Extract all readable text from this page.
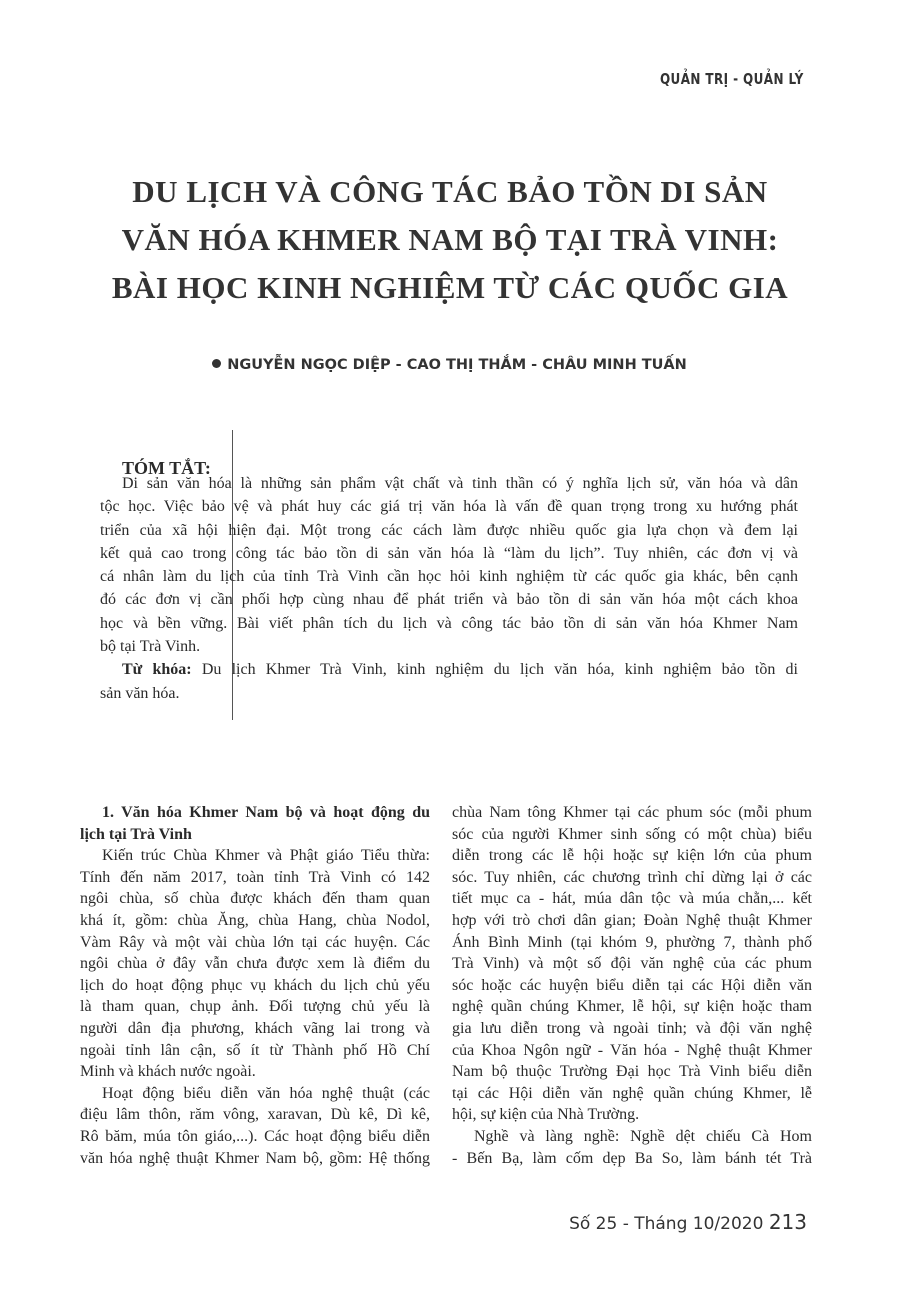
QUẢN TRỊ - QUẢN LÝ
DU LỊCH VÀ CÔNG TÁC BẢO TỒN DI SẢN
VĂN HÓA KHMER NAM BỘ TẠI TRÀ VINH:
BÀI HỌC KINH NGHIỆM TỪ CÁC QUỐC GIA
NGUYỄN NGỌC DIỆP - CAO THỊ THẮM - CHÂU MINH TUẤN
TÓM TẮT:
Di sản văn hóa là những sản phẩm vật chất và tinh thần có ý nghĩa lịch sử, văn hóa và dân
tộc học. Việc bảo vệ và phát huy các giá trị văn hóa là vấn đề quan trọng trong xu hướng phát
triển của xã hội hiện đại. Một trong các cách làm được nhiều quốc gia lựa chọn và đem lại
kết quả cao trong công tác bảo tồn di sản văn hóa là “làm du lịch”. Tuy nhiên, các đơn vị và
cá nhân làm du lịch của tỉnh Trà Vinh cần học hỏi kinh nghiệm từ các quốc gia khác, bên cạnh
đó các đơn vị cần phối hợp cùng nhau để phát triển và bảo tồn di sản văn hóa một cách khoa
học và bền vững. Bài viết phân tích du lịch và công tác bảo tồn di sản văn hóa Khmer Nam
bộ tại Trà Vinh.
Từ khóa: Du lịch Khmer Trà Vinh, kinh nghiệm du lịch văn hóa, kinh nghiệm bảo tồn di
sản văn hóa.
1. Văn hóa Khmer Nam bộ và hoạt động du
lịch tại Trà Vinh
Kiến trúc Chùa Khmer và Phật giáo Tiểu thừa:
Tính đến năm 2017, toàn tỉnh Trà Vinh có 142
ngôi chùa, số chùa được khách đến tham quan
khá ít, gồm: chùa Ăng, chùa Hang, chùa Nodol,
Vàm Rây và một vài chùa lớn tại các huyện. Các
ngôi chùa ở đây vẫn chưa được xem là điểm du
lịch do hoạt động phục vụ khách du lịch chủ yếu
là tham quan, chụp ảnh. Đối tượng chủ yếu là
người dân địa phương, khách vãng lai trong và
ngoài tỉnh lân cận, số ít từ Thành phố Hồ Chí
Minh và khách nước ngoài.
Hoạt động biểu diễn văn hóa nghệ thuật (các
điệu lâm thôn, răm vông, xaravan, Dù kê, Dì kê,
Rô băm, múa tôn giáo,...). Các hoạt động biểu diễn
văn hóa nghệ thuật Khmer Nam bộ, gồm: Hệ thống
chùa Nam tông Khmer tại các phum sóc (mỗi phum
sóc của người Khmer sinh sống có một chùa) biểu
diễn trong các lễ hội hoặc sự kiện lớn của phum
sóc. Tuy nhiên, các chương trình chỉ dừng lại ở các
tiết mục ca - hát, múa dân tộc và múa chằn,... kết
hợp với trò chơi dân gian; Đoàn Nghệ thuật Khmer
Ánh Bình Minh (tại khóm 9, phường 7, thành phố
Trà Vinh) và một số đội văn nghệ của các phum
sóc hoặc các huyện biểu diễn tại các Hội diễn văn
nghệ quần chúng Khmer, lễ hội, sự kiện hoặc tham
gia lưu diễn trong và ngoài tỉnh; và đội văn nghệ
của Khoa Ngôn ngữ - Văn hóa - Nghệ thuật Khmer
Nam bộ thuộc Trường Đại học Trà Vinh biểu diễn
tại các Hội diễn văn nghệ quần chúng Khmer, lễ
hội, sự kiện của Nhà Trường.
Nghề và làng nghề: Nghề dệt chiếu Cà Hom
- Bến Bạ, làm cốm dẹp Ba So, làm bánh tét Trà
Số 25 - Tháng 10/2020 213
